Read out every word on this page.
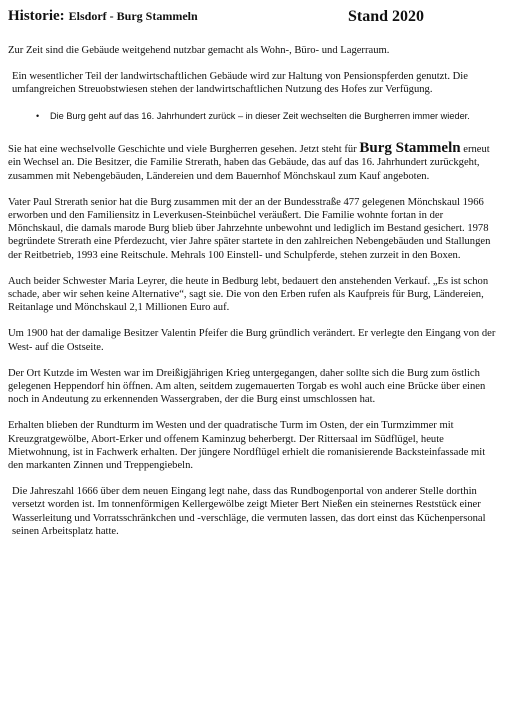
Historie: Elsdorf - Burg Stammeln	Stand 2020

Zur Zeit sind die Gebäude weitgehend nutzbar gemacht als Wohn-, Büro- und Lagerraum.

Ein wesentlicher Teil der landwirtschaftlichen Gebäude wird zur Haltung von Pensionspferden genutzt. Die umfangreichen Streuobstwiesen stehen der landwirtschaftlichen Nutzung des Hofes zur Verfügung.

• Die Burg geht auf das 16. Jahrhundert zurück – in dieser Zeit wechselten die Burgherren immer wieder.

Sie hat eine wechselvolle Geschichte und viele Burgherren gesehen. Jetzt steht für Burg Stammeln erneut ein Wechsel an. Die Besitzer, die Familie Strerath, haben das Gebäude, das auf das 16. Jahrhundert zurückgeht, zusammen mit Nebengebäuden, Ländereien und dem Bauernhof Mönchskaul zum Kauf angeboten.

Vater Paul Strerath senior hat die Burg zusammen mit der an der Bundesstraße 477 gelegenen Mönchskaul 1966 erworben und den Familiensitz in Leverkusen-Steinbüchel veräußert. Die Familie wohnte fortan in der Mönchskaul, die damals marode Burg blieb über Jahrzehnte unbewohnt und lediglich im Bestand gesichert. 1978 begründete Strerath eine Pferdezucht, vier Jahre später startete in den zahlreichen Nebengebäuden und Stallungen der Reitbetrieb, 1993 eine Reitschule. Mehrals 100 Einstell- und Schulpferde, stehen zurzeit in den Boxen.

Auch beider Schwester Maria Leyrer, die heute in Bedburg lebt, bedauert den anstehenden Verkauf. „Es ist schon schade, aber wir sehen keine Alternative“, sagt sie. Die von den Erben rufen als Kaufpreis für Burg, Ländereien, Reitanlage und Mönchskaul 2,1 Millionen Euro auf.

Um 1900 hat der damalige Besitzer Valentin Pfeifer die Burg gründlich verändert. Er verlegte den Eingang von der West- auf die Ostseite.

Der Ort Kutzde im Westen war im Dreißigjährigen Krieg untergegangen, daher sollte sich die Burg zum östlich gelegenen Heppendorf hin öffnen. Am alten, seitdem zugemauerten Torgab es wohl auch eine Brücke über einen noch in Andeutung zu erkennenden Wassergraben, der die Burg einst umschlossen hat.

Erhalten blieben der Rundturm im Westen und der quadratische Turm im Osten, der ein Turmzimmer mit Kreuzgratgewölbe, Abort-Erker und offenem Kaminzug beherbergt. Der Rittersaal im Südflügel, heute Mietwohnung, ist in Fachwerk erhalten. Der jüngere Nordflügel erhielt die romanisierende Backsteinfassade mit den markanten Zinnen und Treppengiebeln.

Die Jahreszahl 1666 über dem neuen Eingang legt nahe, dass das Rundbogenportal von anderer Stelle dorthin versetzt worden ist. Im tonnenförmigen Kellergewölbe zeigt Mieter Bert Nießen ein steinernes Reststück einer Wasserleitung und Vorratsschränkchen und -verschläge, die vermuten lassen, das dort einst das Küchenpersonal seinen Arbeitsplatz hatte.
